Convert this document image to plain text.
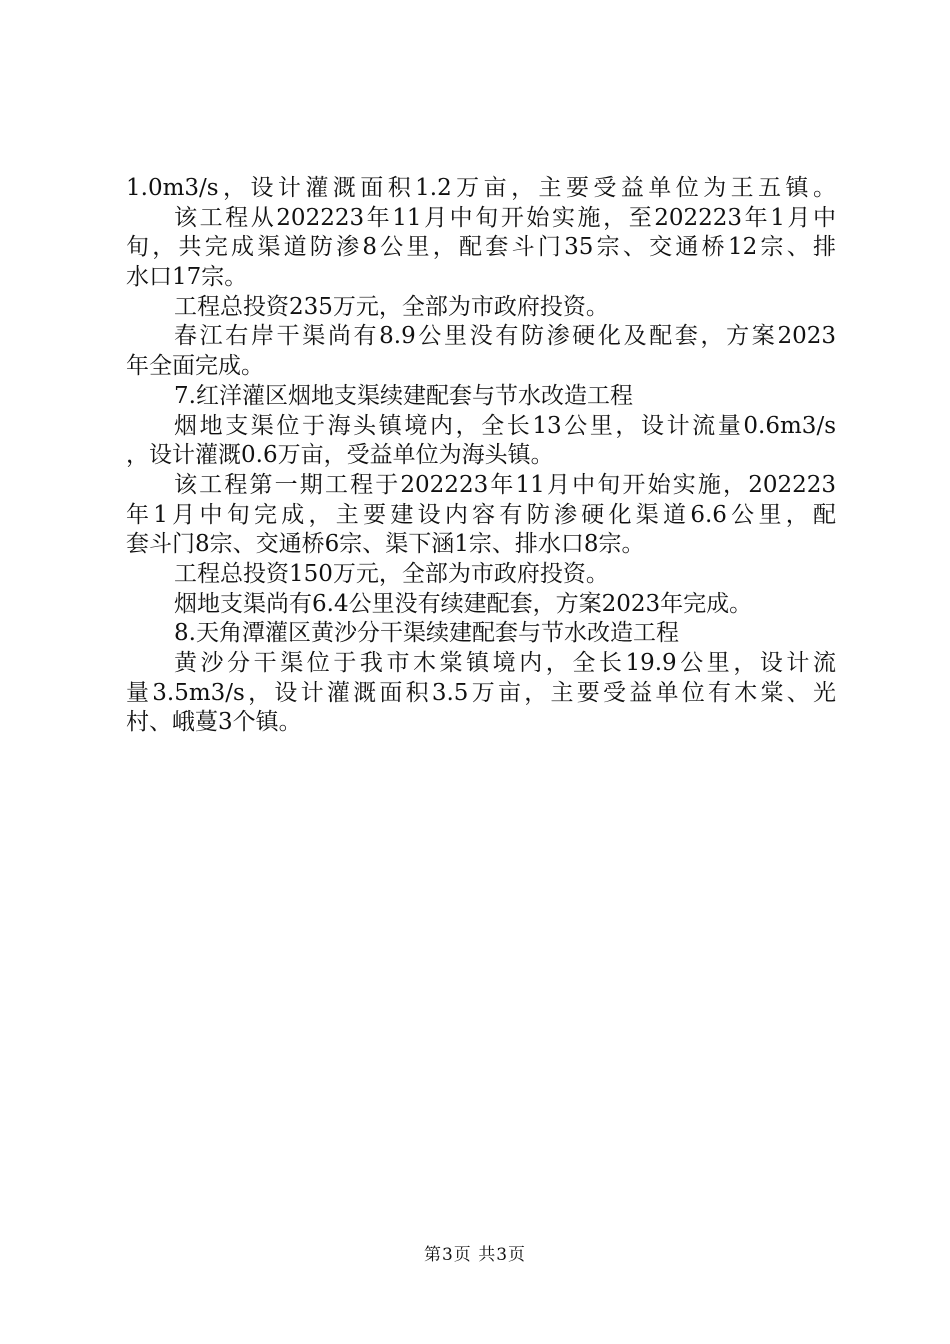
1.0m3/s，设计灌溉面积1.2万亩，主要受益单位为王五镇。
该工程从202223年11月中旬开始实施，至202223年1月中
旬，共完成渠道防渗8公里，配套斗门35宗、交通桥12宗、排
水口17宗。
工程总投资235万元，全部为市政府投资。
春江右岸干渠尚有8.9公里没有防渗硬化及配套，方案2023
年全面完成。
7.红洋灌区烟地支渠续建配套与节水改造工程
烟地支渠位于海头镇境内，全长13公里，设计流量0.6m3/s
，设计灌溉0.6万亩，受益单位为海头镇。
该工程第一期工程于202223年11月中旬开始实施，202223
年1月中旬完成，主要建设内容有防渗硬化渠道6.6公里，配
套斗门8宗、交通桥6宗、渠下涵1宗、排水口8宗。
工程总投资150万元，全部为市政府投资。
烟地支渠尚有6.4公里没有续建配套，方案2023年完成。
8.天角潭灌区黄沙分干渠续建配套与节水改造工程
黄沙分干渠位于我市木棠镇境内，全长19.9公里，设计流
量3.5m3/s，设计灌溉面积3.5万亩，主要受益单位有木棠、光
村、峨蔓3个镇。
第3页 共3页
